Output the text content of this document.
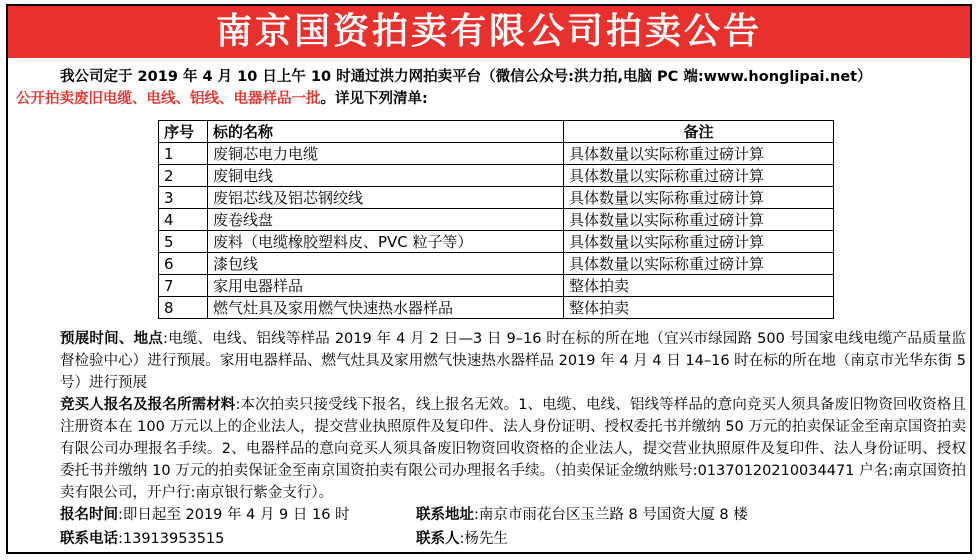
南京国资拍卖有限公司拍卖公告
我公司定于 2019 年 4 月 10 日上午 10 时通过洪力网拍卖平台（微信公众号:洪力拍,电脑 PC 端:www.honglipai.net）
公开拍卖废旧电缆、电线、铝线、电器样品一批。详见下列清单:
序号	标的名称	备注
1	废铜芯电力电缆	具体数量以实际称重过磅计算
2	废铜电线	具体数量以实际称重过磅计算
3	废铝芯线及铝芯钢绞线	具体数量以实际称重过磅计算
4	废卷线盘	具体数量以实际称重过磅计算
5	废料（电缆橡胶塑料皮、PVC 粒子等）	具体数量以实际称重过磅计算
6	漆包线	具体数量以实际称重过磅计算
7	家用电器样品	整体拍卖
8	燃气灶具及家用燃气快速热水器样品	整体拍卖
预展时间、地点:电缆、电线、铝线等样品 2019 年 4 月 2 日—3 日 9–16 时在标的所在地（宜兴市绿园路 500 号国家电线电缆产品质量监督检验中心）进行预展。家用电器样品、燃气灶具及家用燃气快速热水器样品 2019 年 4 月 4 日 14–16 时在标的所在地（南京市光华东街 5 号）进行预展
竞买人报名及报名所需材料:本次拍卖只接受线下报名，线上报名无效。1、电缆、电线、铝线等样品的意向竞买人须具备废旧物资回收资格且注册资本在 100 万元以上的企业法人，提交营业执照原件及复印件、法人身份证明、授权委托书并缴纳 50 万元的拍卖保证金至南京国资拍卖有限公司办理报名手续。2、电器样品的意向竞买人须具备废旧物资回收资格的企业法人，提交营业执照原件及复印件、法人身份证明、授权委托书并缴纳 10 万元的拍卖保证金至南京国资拍卖有限公司办理报名手续。（拍卖保证金缴纳账号:01370120210034471 户名:南京国资拍卖有限公司，开户行:南京银行紫金支行）。
报名时间:即日起至 2019 年 4 月 9 日 16 时	联系地址:南京市雨花台区玉兰路 8 号国资大厦 8 楼
联系电话:13913953515	联系人:杨先生
